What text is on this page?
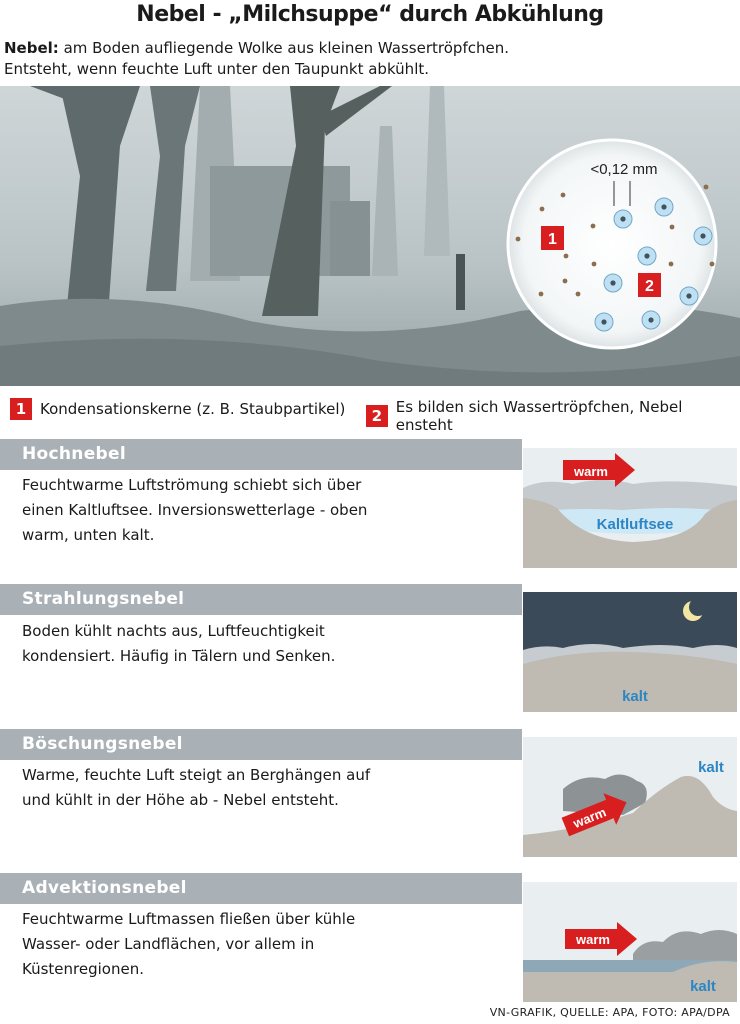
Nebel - „Milchsuppe“ durch Abkühlung
Nebel: am Boden aufliegende Wolke aus kleinen Wassertröpfchen.
Entsteht, wenn feuchte Luft unter den Taupunkt abkühlt.
<0,12 mm
1
2
1 Kondensationskerne (z. B. Staubpartikel)	2 Es bilden sich Wassertröpfchen, Nebel ensteht
Hochnebel
Feuchtwarme Luftströmung schiebt sich über
einen Kaltluftsee. Inversionswetterlage - oben
warm, unten kalt.
Kaltluftsee
warm
Strahlungsnebel
Boden kühlt nachts aus, Luftfeuchtigkeit
kondensiert. Häufig in Tälern und Senken.
kalt
Böschungsnebel
Warme, feuchte Luft steigt an Berghängen auf
und kühlt in der Höhe ab - Nebel entsteht.
kalt
warm
Advektionsnebel
Feuchtwarme Luftmassen fließen über kühle
Wasser- oder Landflächen, vor allem in
Küstenregionen.
kalt
warm
VN-GRAFIK, QUELLE: APA, FOTO: APA/DPA
